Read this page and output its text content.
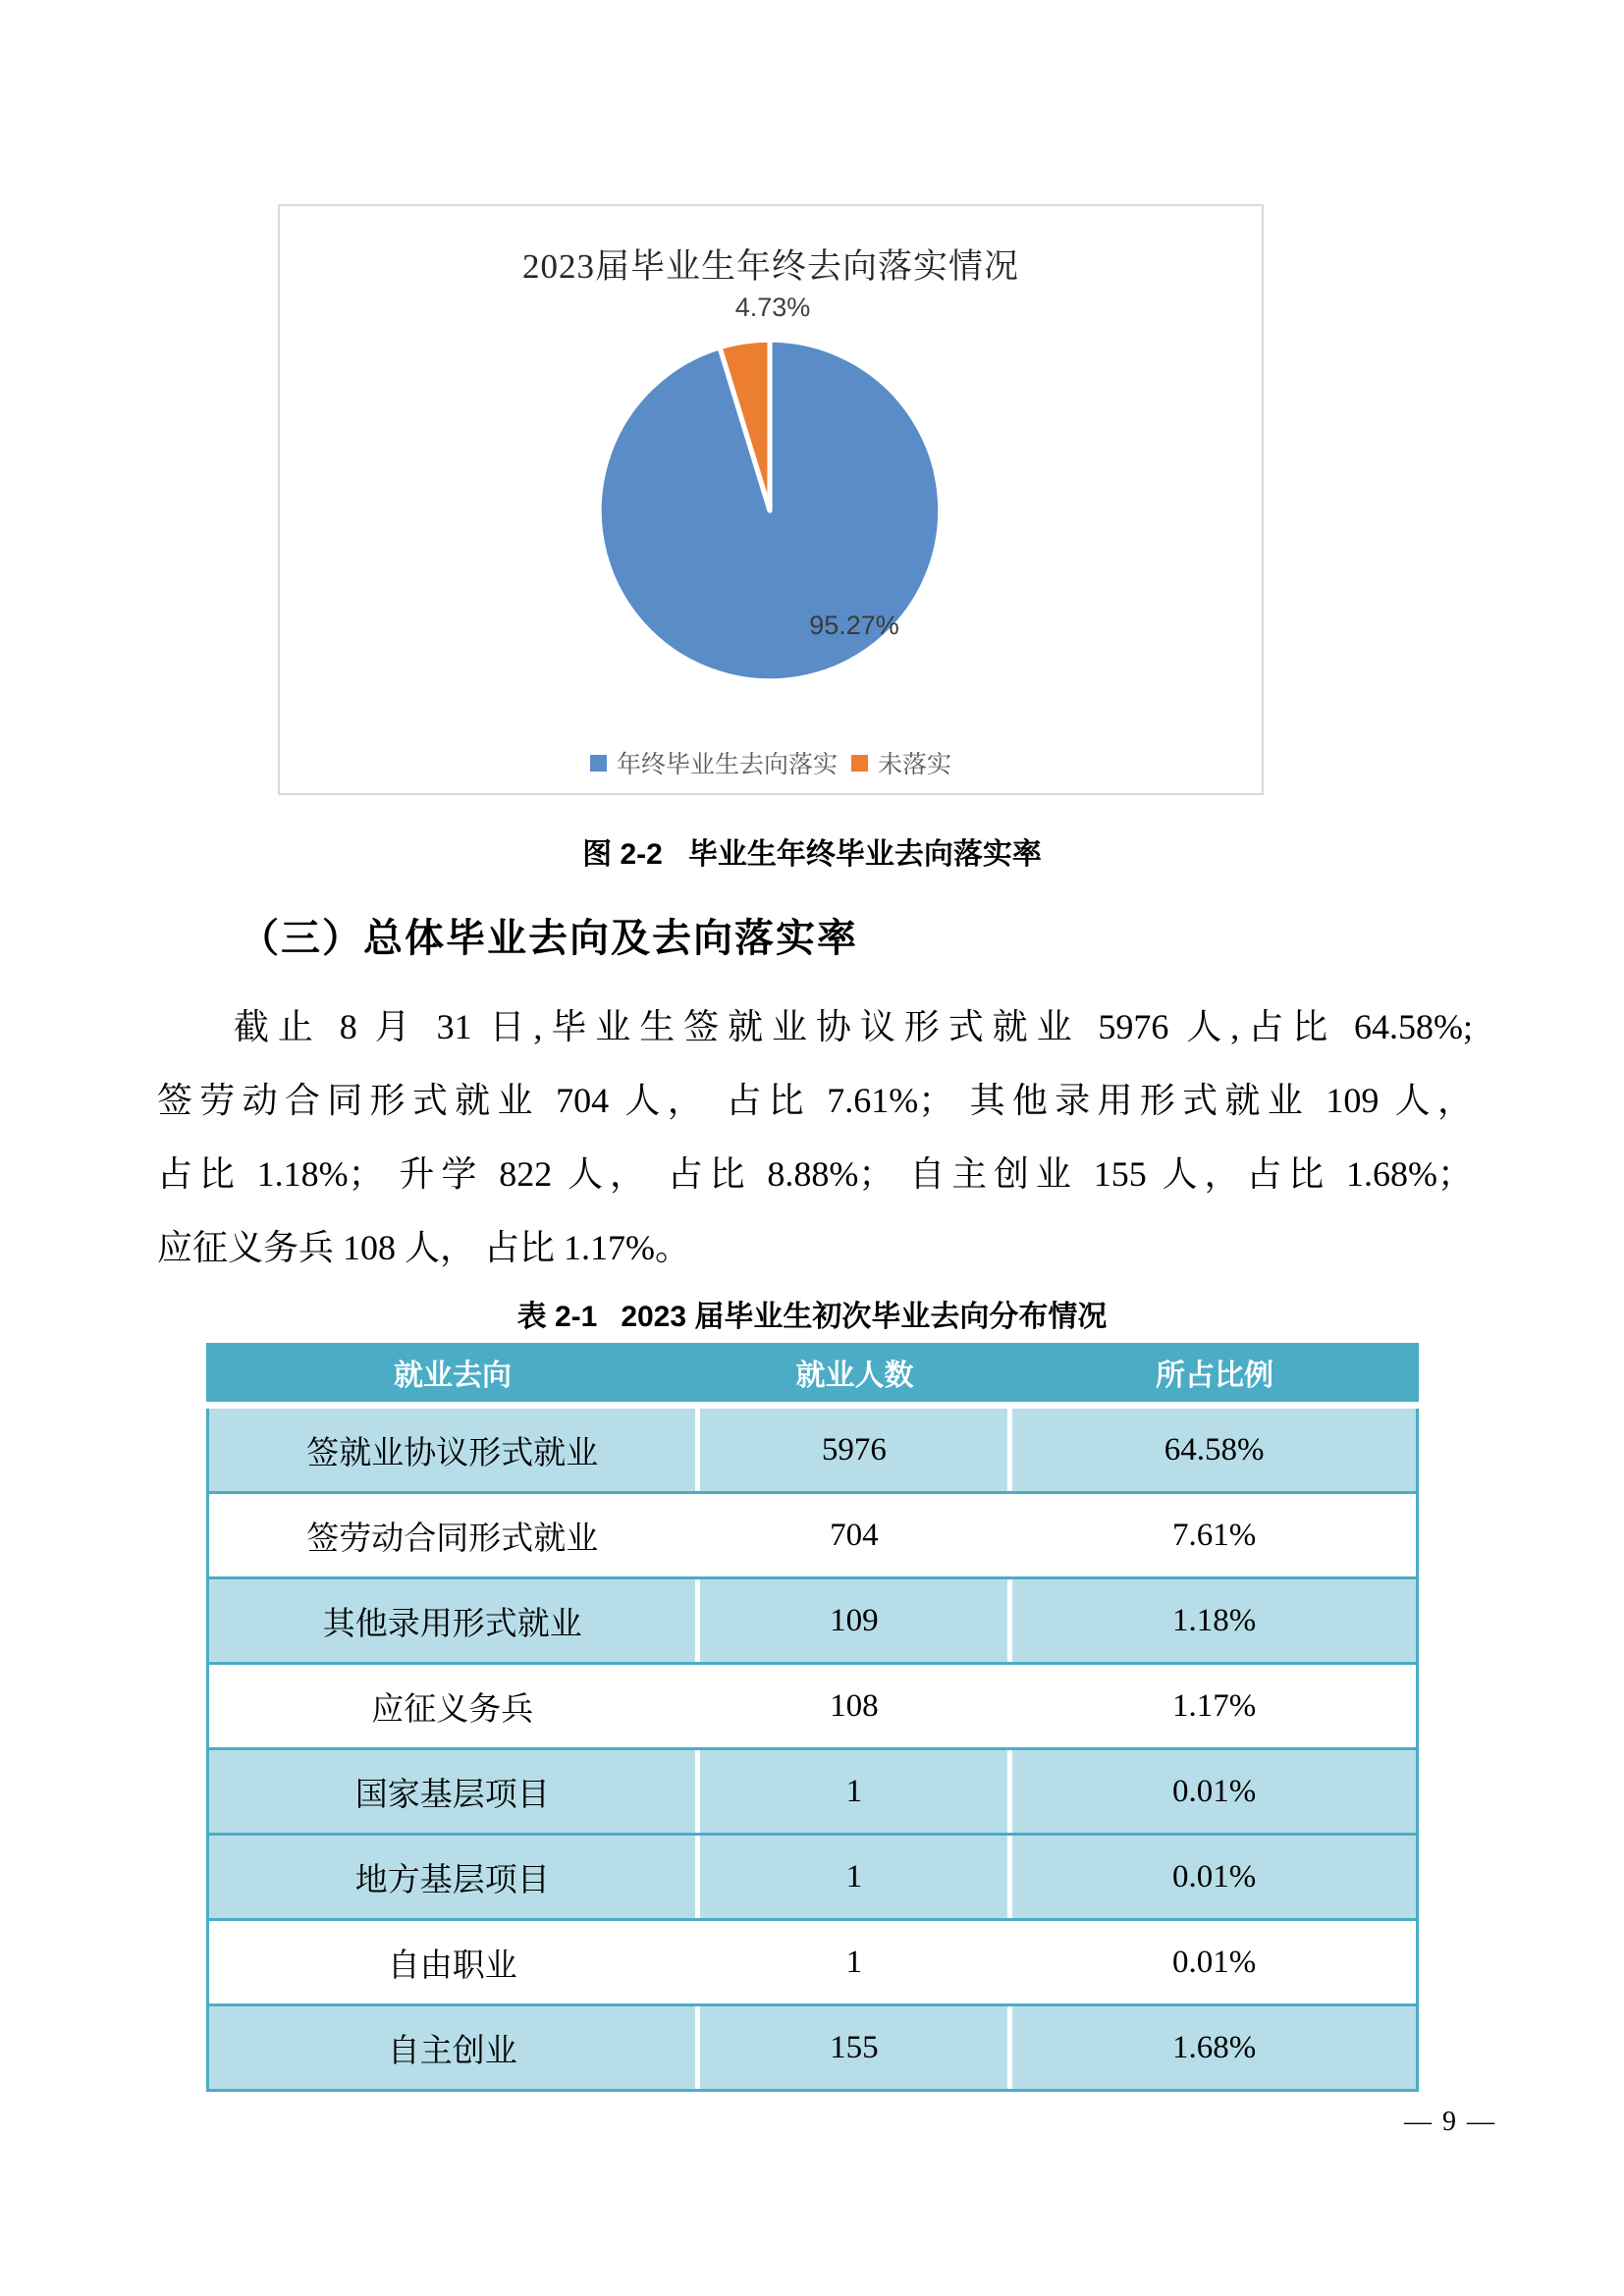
2023届毕业生年终去向落实情况
4.73%
95.27%
年终毕业生去向落实 未落实
图 2-2 毕业生年终毕业去向落实率
（三）总体毕业去向及去向落实率
截止 8 月 31 日,毕业生签就业协议形式就业 5976 人,占比 64.58%;
签劳动合同形式就业 704 人， 占比 7.61%； 其他录用形式就业 109 人，
占比 1.18%； 升学 822 人， 占比 8.88%； 自主创业 155 人，占比 1.68%；
应征义务兵 108 人， 占比 1.17%。
表 2-1 2023 届毕业生初次毕业去向分布情况
就业去向	就业人数	所占比例
签就业协议形式就业	5976	64.58%
签劳动合同形式就业	704	7.61%
其他录用形式就业	109	1.18%
应征义务兵	108	1.17%
国家基层项目	1	0.01%
地方基层项目	1	0.01%
自由职业	1	0.01%
自主创业	155	1.68%
— 9 —
